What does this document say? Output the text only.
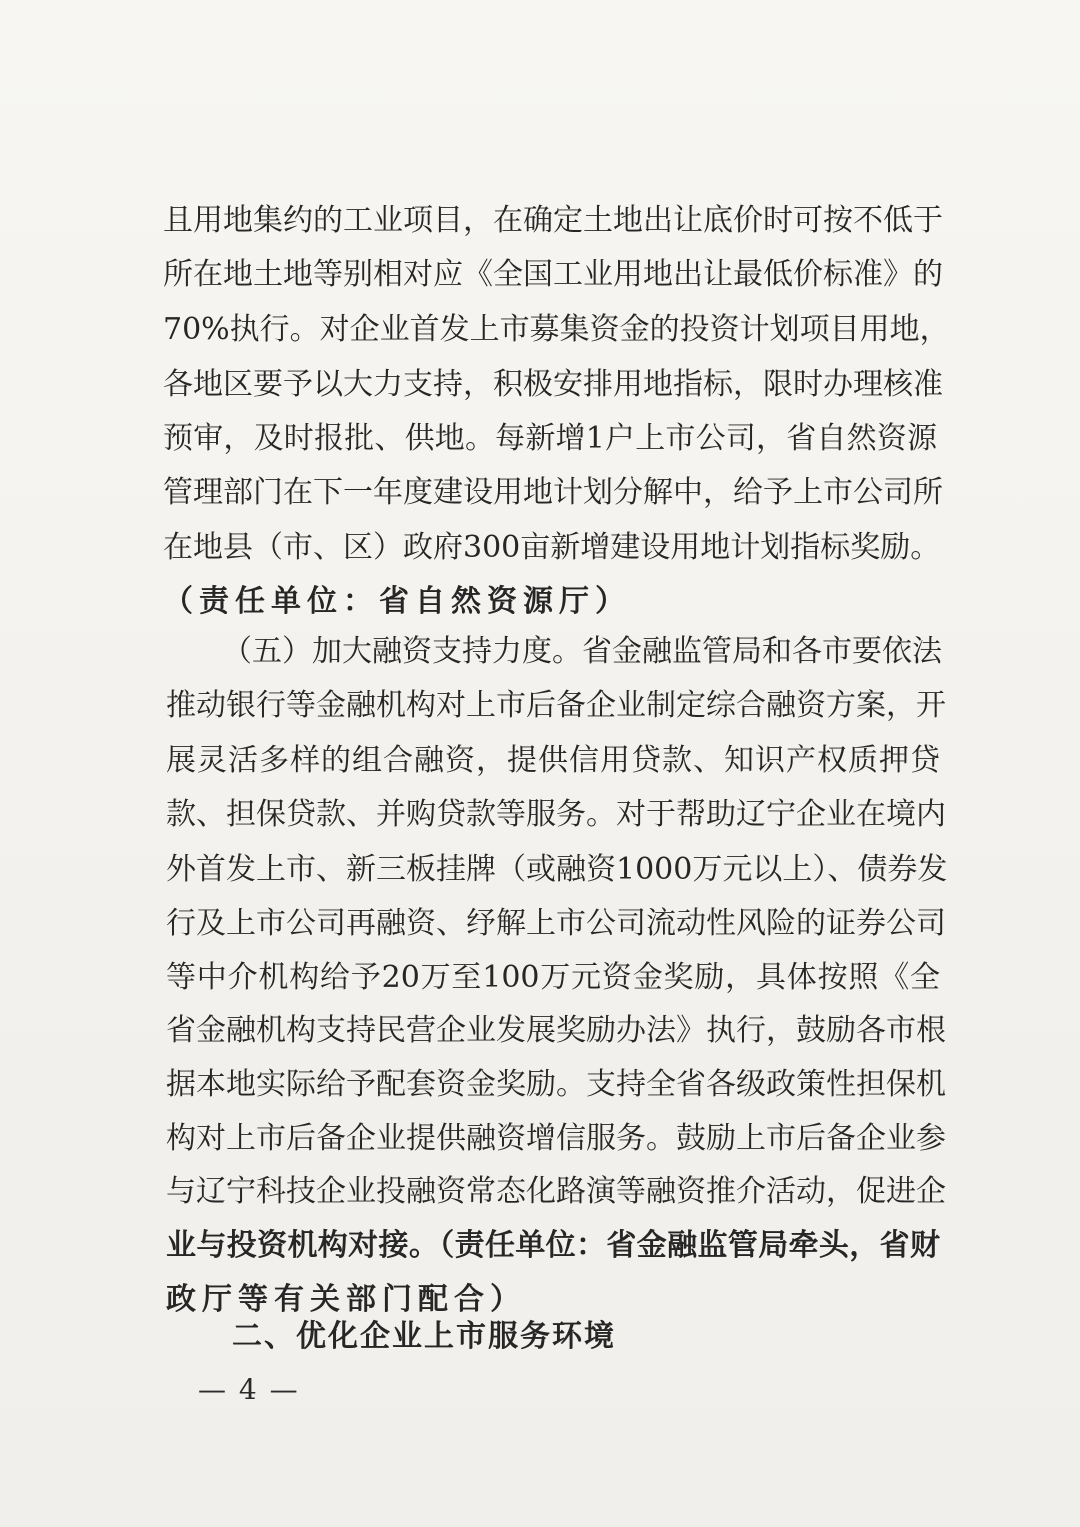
且用地集约的工业项目，在确定土地出让底价时可按不低于
所在地土地等别相对应《全国工业用地出让最低价标准》的
70%执行。对企业首发上市募集资金的投资计划项目用地，
各地区要予以大力支持，积极安排用地指标，限时办理核准
预审，及时报批、供地。每新增1户上市公司，省自然资源
管理部门在下一年度建设用地计划分解中，给予上市公司所
在地县（市、区）政府300亩新增建设用地计划指标奖励。
（责任单位：省自然资源厅）
（五）加大融资支持力度。省金融监管局和各市要依法
推动银行等金融机构对上市后备企业制定综合融资方案，开
展灵活多样的组合融资，提供信用贷款、知识产权质押贷
款、担保贷款、并购贷款等服务。对于帮助辽宁企业在境内
外首发上市、新三板挂牌（或融资1000万元以上）、债券发
行及上市公司再融资、纾解上市公司流动性风险的证券公司
等中介机构给予20万至100万元资金奖励，具体按照《全
省金融机构支持民营企业发展奖励办法》执行，鼓励各市根
据本地实际给予配套资金奖励。支持全省各级政策性担保机
构对上市后备企业提供融资增信服务。鼓励上市后备企业参
与辽宁科技企业投融资常态化路演等融资推介活动，促进企
业与投资机构对接。（责任单位：省金融监管局牵头，省财
政厅等有关部门配合）
二、优化企业上市服务环境
— 4 —
